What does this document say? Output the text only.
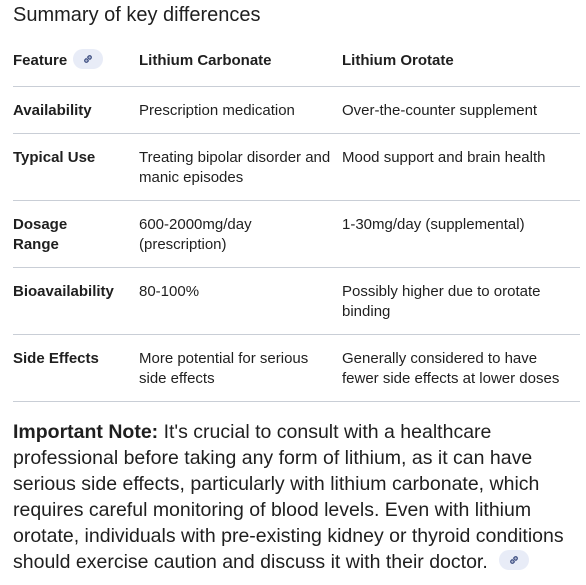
Summary of key differences
Feature	Lithium Carbonate	Lithium Orotate
Availability	Prescription medication	Over-the-counter supplement
Typical Use	Treating bipolar disorder and manic episodes	Mood support and brain health
Dosage Range	600-2000mg/day (prescription)	1-30mg/day (supplemental)
Bioavailability	80-100%	Possibly higher due to orotate binding
Side Effects	More potential for serious side effects	Generally considered to have fewer side effects at lower doses
Important Note: It's crucial to consult with a healthcare professional before taking any form of lithium, as it can have serious side effects, particularly with lithium carbonate, which requires careful monitoring of blood levels. Even with lithium orotate, individuals with pre-existing kidney or thyroid conditions should exercise caution and discuss it with their doctor.
